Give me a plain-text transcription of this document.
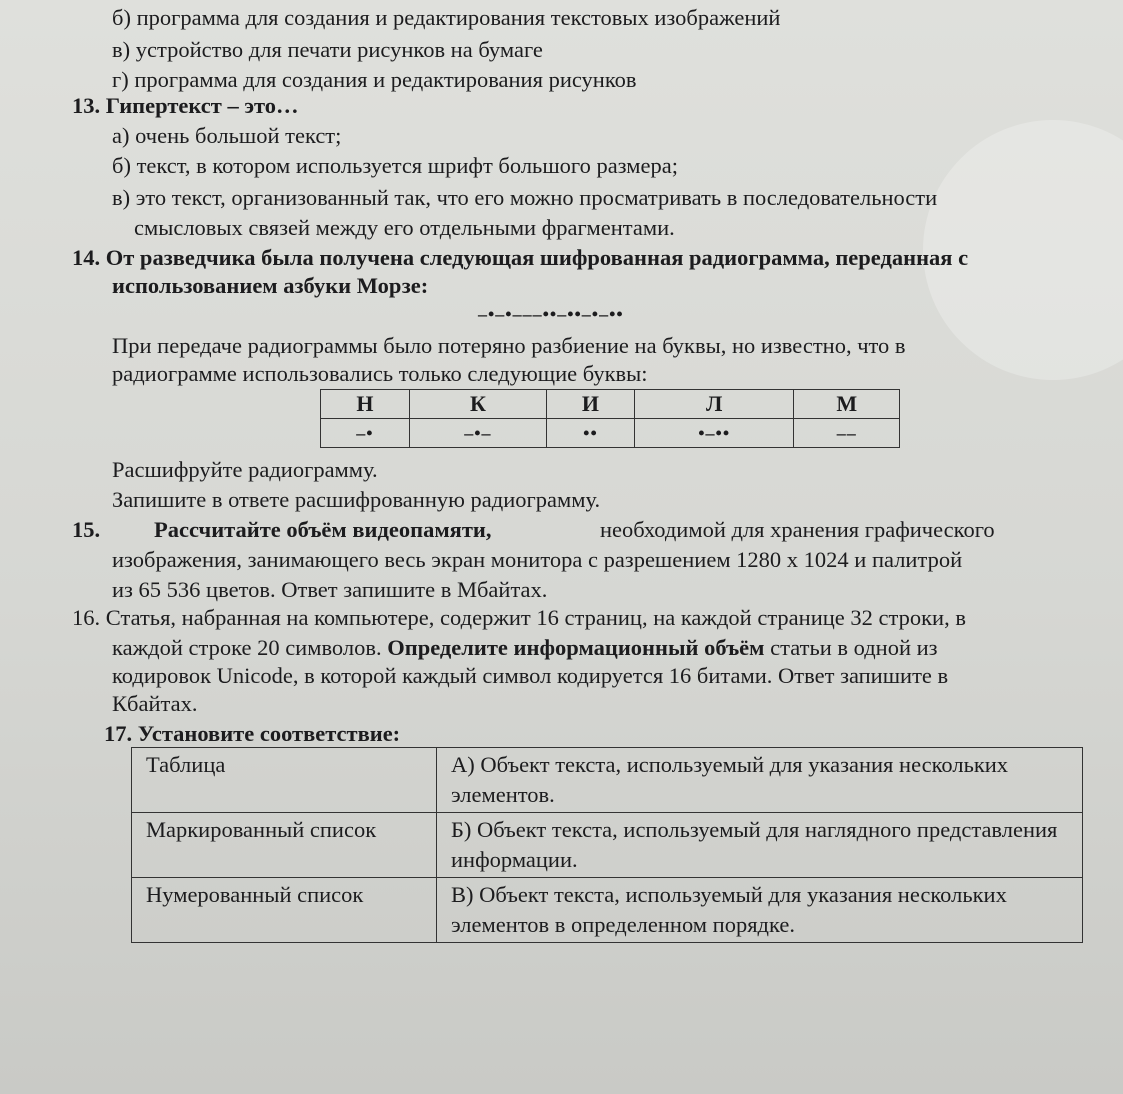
б) программа для создания и редактирования текстовых изображений
в) устройство для печати рисунков на бумаге
г) программа для создания и редактирования рисунков
13. Гипертекст – это…
а) очень большой текст;
б) текст, в котором используется шрифт большого размера;
в) это текст, организованный так, что его можно просматривать в последовательности
смысловых связей между его отдельными фрагментами.
14. От разведчика была получена следующая шифрованная радиограмма, переданная с
использованием азбуки Морзе:
–•–•–––••–••–•–••
При передаче радиограммы было потеряно разбиение на буквы, но известно, что в
радиограмме использовались только следующие буквы:
Н	К	И	Л	М
–•	–•–	••	•–••	––
Расшифруйте радиограмму.
Запишите в ответе расшифрованную радиограмму.
15. Рассчитайте объём видеопамяти,	необходимой для хранения графического
изображения, занимающего весь экран монитора с разрешением 1280 х 1024 и палитрой
из 65 536 цветов. Ответ запишите в Мбайтах.
16. Статья, набранная на компьютере, содержит 16 страниц, на каждой странице 32 строки, в
каждой строке 20 символов. Определите информационный объём статьи в одной из
кодировок Unicode, в которой каждый символ кодируется 16 битами. Ответ запишите в
Кбайтах.
17. Установите соответствие:
Таблица	А) Объект текста, используемый для указания нескольких элементов.
Маркированный список	Б) Объект текста, используемый для наглядного представления информации.
Нумерованный список	В) Объект текста, используемый для указания нескольких элементов в определенном порядке.
